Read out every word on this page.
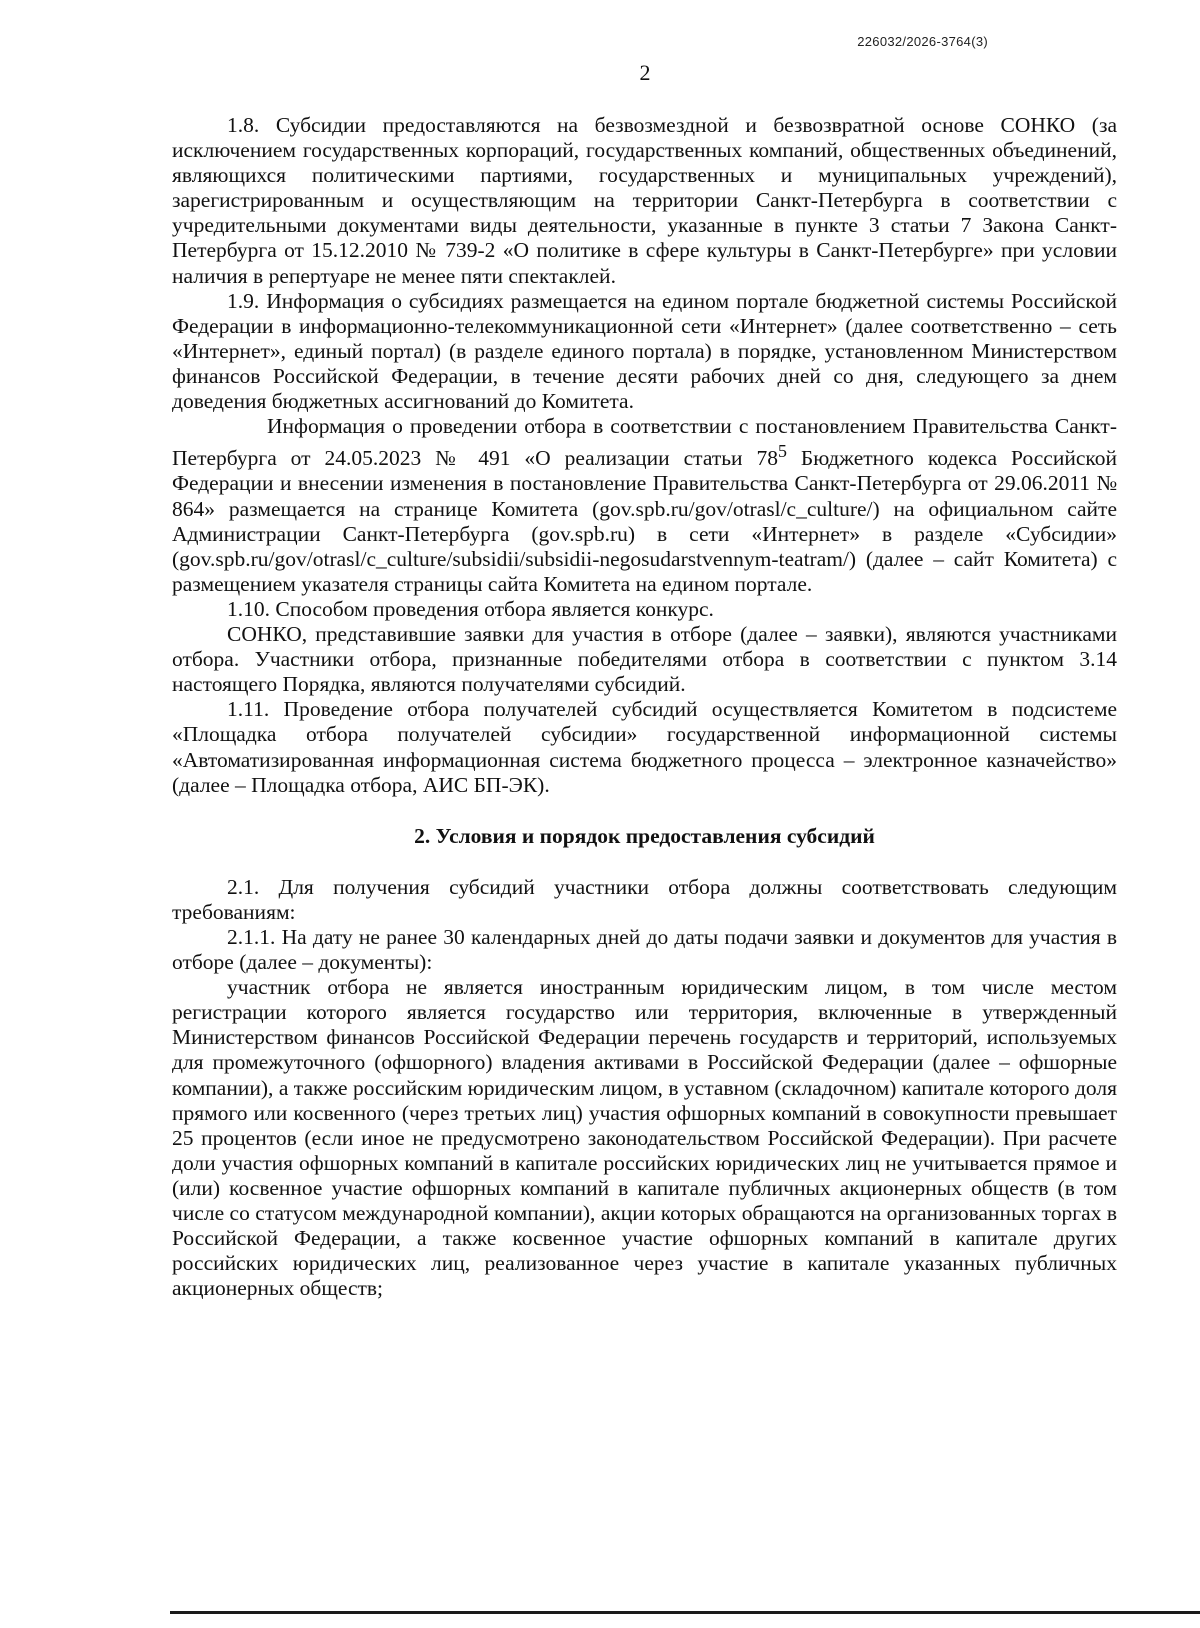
226032/2026-3764(3)
2

1.8. Субсидии предоставляются на безвозмездной и безвозвратной основе СОНКО (за исключением государственных корпораций, государственных компаний, общественных объединений, являющихся политическими партиями, государственных и муниципальных учреждений), зарегистрированным и осуществляющим на территории Санкт-Петербурга в соответствии с учредительными документами виды деятельности, указанные в пункте 3 статьи 7 Закона Санкт-Петербурга от 15.12.2010 № 739-2 «О политике в сфере культуры в Санкт-Петербурге» при условии наличия в репертуаре не менее пяти спектаклей.

1.9. Информация о субсидиях размещается на едином портале бюджетной системы Российской Федерации в информационно-телекоммуникационной сети «Интернет» (далее соответственно – сеть «Интернет», единый портал) (в разделе единого портала) в порядке, установленном Министерством финансов Российской Федерации, в течение десяти рабочих дней со дня, следующего за днем доведения бюджетных ассигнований до Комитета.

Информация о проведении отбора в соответствии с постановлением Правительства Санкт-Петербурга от 24.05.2023 № 491 «О реализации статьи $78^5$ Бюджетного кодекса Российской Федерации и внесении изменения в постановление Правительства Санкт-Петербурга от 29.06.2011 № 864» размещается на странице Комитета (gov.spb.ru/gov/otrasl/c_culture/) на официальном сайте Администрации Санкт-Петербурга (gov.spb.ru) в сети «Интернет» в разделе «Субсидии» (gov.spb.ru/gov/otrasl/c_culture/subsidii/subsidii-negosudarstvennym-teatram/) (далее – сайт Комитета) с размещением указателя страницы сайта Комитета на едином портале.

1.10. Способом проведения отбора является конкурс.

СОНКО, представившие заявки для участия в отборе (далее – заявки), являются участниками отбора. Участники отбора, признанные победителями отбора в соответствии с пунктом 3.14 настоящего Порядка, являются получателями субсидий.

1.11. Проведение отбора получателей субсидий осуществляется Комитетом в подсистеме «Площадка отбора получателей субсидии» государственной информационной системы «Автоматизированная информационная система бюджетного процесса – электронное казначейство» (далее – Площадка отбора, АИС БП-ЭК).

2. Условия и порядок предоставления субсидий

2.1. Для получения субсидий участники отбора должны соответствовать следующим требованиям:

2.1.1. На дату не ранее 30 календарных дней до даты подачи заявки и документов для участия в отборе (далее – документы):

участник отбора не является иностранным юридическим лицом, в том числе местом регистрации которого является государство или территория, включенные в утвержденный Министерством финансов Российской Федерации перечень государств и территорий, используемых для промежуточного (офшорного) владения активами в Российской Федерации (далее – офшорные компании), а также российским юридическим лицом, в уставном (складочном) капитале которого доля прямого или косвенного (через третьих лиц) участия офшорных компаний в совокупности превышает 25 процентов (если иное не предусмотрено законодательством Российской Федерации). При расчете доли участия офшорных компаний в капитале российских юридических лиц не учитывается прямое и (или) косвенное участие офшорных компаний в капитале публичных акционерных обществ (в том числе со статусом международной компании), акции которых обращаются на организованных торгах в Российской Федерации, а также косвенное участие офшорных компаний в капитале других российских юридических лиц, реализованное через участие в капитале указанных публичных акционерных обществ;
